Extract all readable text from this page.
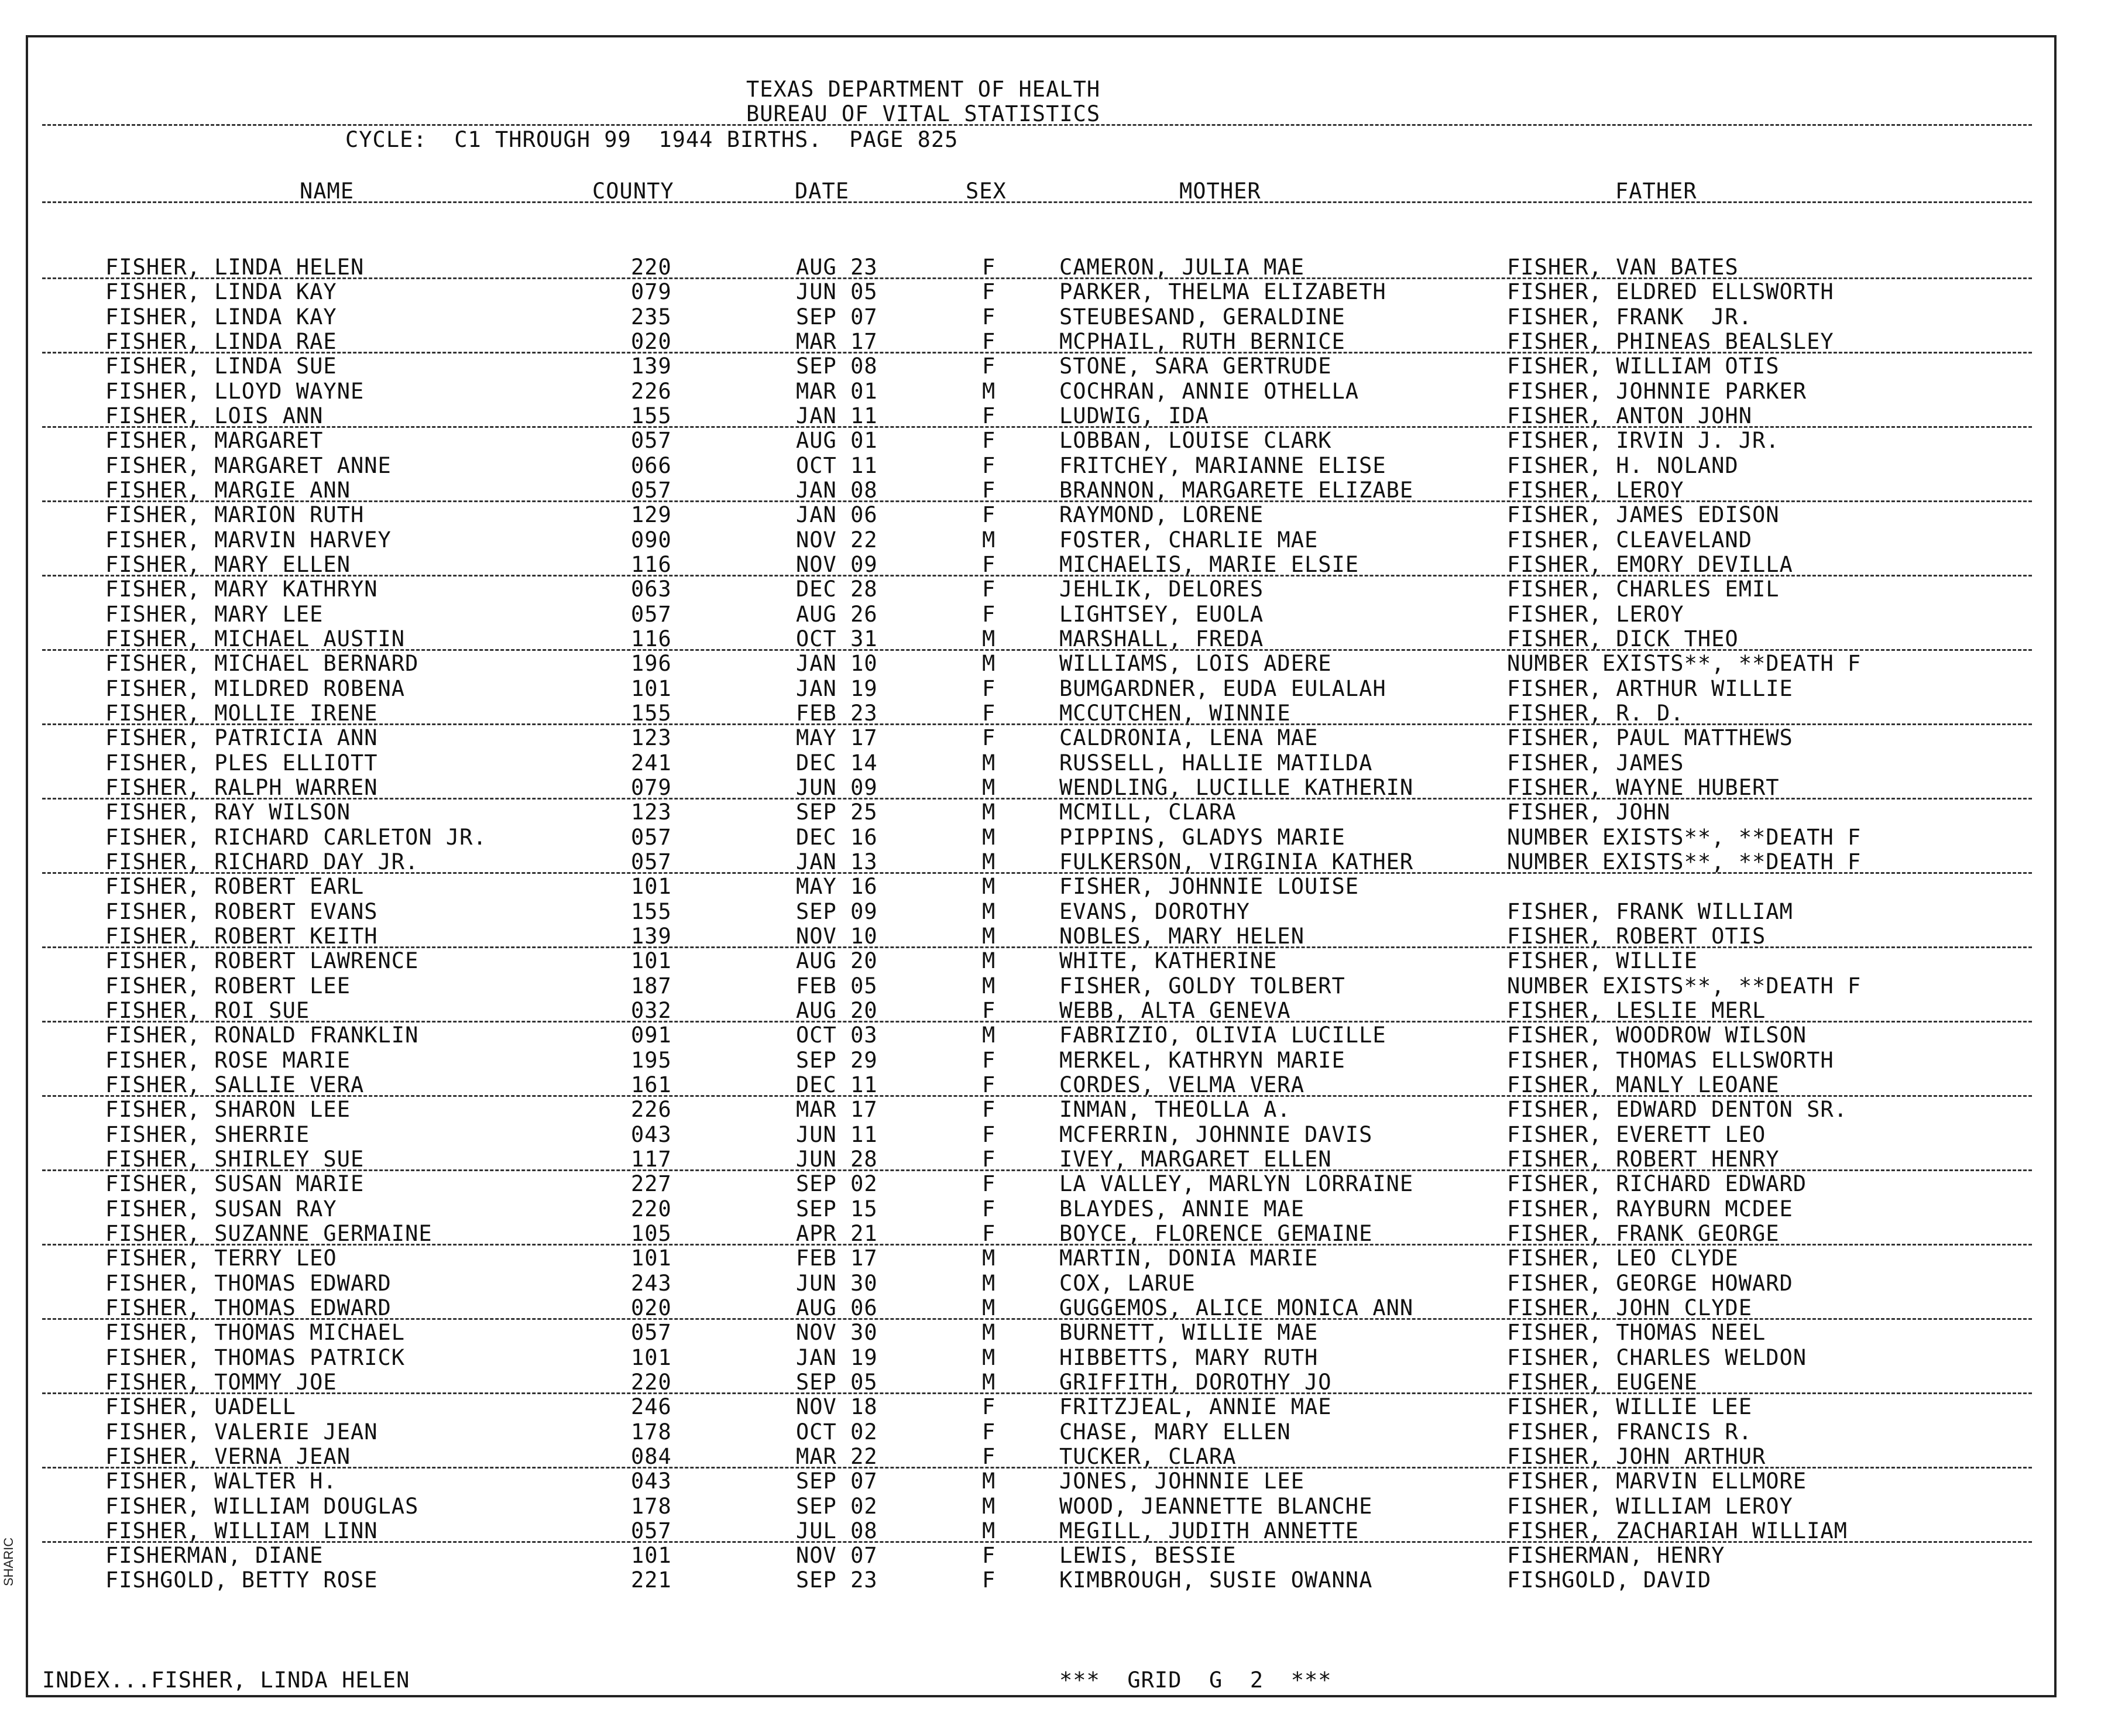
SHARIC
TEXAS DEPARTMENT OF HEALTH
BUREAU OF VITAL STATISTICS
CYCLE:  C1 THROUGH 99  1944 BIRTHS.  PAGE 825
NAME	COUNTY	DATE	SEX	MOTHER	FATHER
FISHER, LINDA HELEN	220	AUG 23	F	CAMERON, JULIA MAE	FISHER, VAN BATES
FISHER, LINDA KAY	079	JUN 05	F	PARKER, THELMA ELIZABETH	FISHER, ELDRED ELLSWORTH
FISHER, LINDA KAY	235	SEP 07	F	STEUBESAND, GERALDINE	FISHER, FRANK  JR.
FISHER, LINDA RAE	020	MAR 17	F	MCPHAIL, RUTH BERNICE	FISHER, PHINEAS BEALSLEY
FISHER, LINDA SUE	139	SEP 08	F	STONE, SARA GERTRUDE	FISHER, WILLIAM OTIS
FISHER, LLOYD WAYNE	226	MAR 01	M	COCHRAN, ANNIE OTHELLA	FISHER, JOHNNIE PARKER
FISHER, LOIS ANN	155	JAN 11	F	LUDWIG, IDA	FISHER, ANTON JOHN
FISHER, MARGARET	057	AUG 01	F	LOBBAN, LOUISE CLARK	FISHER, IRVIN J. JR.
FISHER, MARGARET ANNE	066	OCT 11	F	FRITCHEY, MARIANNE ELISE	FISHER, H. NOLAND
FISHER, MARGIE ANN	057	JAN 08	F	BRANNON, MARGARETE ELIZABE	FISHER, LEROY
FISHER, MARION RUTH	129	JAN 06	F	RAYMOND, LORENE	FISHER, JAMES EDISON
FISHER, MARVIN HARVEY	090	NOV 22	M	FOSTER, CHARLIE MAE	FISHER, CLEAVELAND
FISHER, MARY ELLEN	116	NOV 09	F	MICHAELIS, MARIE ELSIE	FISHER, EMORY DEVILLA
FISHER, MARY KATHRYN	063	DEC 28	F	JEHLIK, DELORES	FISHER, CHARLES EMIL
FISHER, MARY LEE	057	AUG 26	F	LIGHTSEY, EUOLA	FISHER, LEROY
FISHER, MICHAEL AUSTIN	116	OCT 31	M	MARSHALL, FREDA	FISHER, DICK THEO
FISHER, MICHAEL BERNARD	196	JAN 10	M	WILLIAMS, LOIS ADERE	NUMBER EXISTS**, **DEATH F
FISHER, MILDRED ROBENA	101	JAN 19	F	BUMGARDNER, EUDA EULALAH	FISHER, ARTHUR WILLIE
FISHER, MOLLIE IRENE	155	FEB 23	F	MCCUTCHEN, WINNIE	FISHER, R. D.
FISHER, PATRICIA ANN	123	MAY 17	F	CALDRONIA, LENA MAE	FISHER, PAUL MATTHEWS
FISHER, PLES ELLIOTT	241	DEC 14	M	RUSSELL, HALLIE MATILDA	FISHER, JAMES
FISHER, RALPH WARREN	079	JUN 09	M	WENDLING, LUCILLE KATHERIN	FISHER, WAYNE HUBERT
FISHER, RAY WILSON	123	SEP 25	M	MCMILL, CLARA	FISHER, JOHN
FISHER, RICHARD CARLETON JR.	057	DEC 16	M	PIPPINS, GLADYS MARIE	NUMBER EXISTS**, **DEATH F
FISHER, RICHARD DAY JR.	057	JAN 13	M	FULKERSON, VIRGINIA KATHER	NUMBER EXISTS**, **DEATH F
FISHER, ROBERT EARL	101	MAY 16	M	FISHER, JOHNNIE LOUISE
FISHER, ROBERT EVANS	155	SEP 09	M	EVANS, DOROTHY	FISHER, FRANK WILLIAM
FISHER, ROBERT KEITH	139	NOV 10	M	NOBLES, MARY HELEN	FISHER, ROBERT OTIS
FISHER, ROBERT LAWRENCE	101	AUG 20	M	WHITE, KATHERINE	FISHER, WILLIE
FISHER, ROBERT LEE	187	FEB 05	M	FISHER, GOLDY TOLBERT	NUMBER EXISTS**, **DEATH F
FISHER, ROI SUE	032	AUG 20	F	WEBB, ALTA GENEVA	FISHER, LESLIE MERL
FISHER, RONALD FRANKLIN	091	OCT 03	M	FABRIZIO, OLIVIA LUCILLE	FISHER, WOODROW WILSON
FISHER, ROSE MARIE	195	SEP 29	F	MERKEL, KATHRYN MARIE	FISHER, THOMAS ELLSWORTH
FISHER, SALLIE VERA	161	DEC 11	F	CORDES, VELMA VERA	FISHER, MANLY LEOANE
FISHER, SHARON LEE	226	MAR 17	F	INMAN, THEOLLA A.	FISHER, EDWARD DENTON SR.
FISHER, SHERRIE	043	JUN 11	F	MCFERRIN, JOHNNIE DAVIS	FISHER, EVERETT LEO
FISHER, SHIRLEY SUE	117	JUN 28	F	IVEY, MARGARET ELLEN	FISHER, ROBERT HENRY
FISHER, SUSAN MARIE	227	SEP 02	F	LA VALLEY, MARLYN LORRAINE	FISHER, RICHARD EDWARD
FISHER, SUSAN RAY	220	SEP 15	F	BLAYDES, ANNIE MAE	FISHER, RAYBURN MCDEE
FISHER, SUZANNE GERMAINE	105	APR 21	F	BOYCE, FLORENCE GEMAINE	FISHER, FRANK GEORGE
FISHER, TERRY LEO	101	FEB 17	M	MARTIN, DONIA MARIE	FISHER, LEO CLYDE
FISHER, THOMAS EDWARD	243	JUN 30	M	COX, LARUE	FISHER, GEORGE HOWARD
FISHER, THOMAS EDWARD	020	AUG 06	M	GUGGEMOS, ALICE MONICA ANN	FISHER, JOHN CLYDE
FISHER, THOMAS MICHAEL	057	NOV 30	M	BURNETT, WILLIE MAE	FISHER, THOMAS NEEL
FISHER, THOMAS PATRICK	101	JAN 19	M	HIBBETTS, MARY RUTH	FISHER, CHARLES WELDON
FISHER, TOMMY JOE	220	SEP 05	M	GRIFFITH, DOROTHY JO	FISHER, EUGENE
FISHER, UADELL	246	NOV 18	F	FRITZJEAL, ANNIE MAE	FISHER, WILLIE LEE
FISHER, VALERIE JEAN	178	OCT 02	F	CHASE, MARY ELLEN	FISHER, FRANCIS R.
FISHER, VERNA JEAN	084	MAR 22	F	TUCKER, CLARA	FISHER, JOHN ARTHUR
FISHER, WALTER H.	043	SEP 07	M	JONES, JOHNNIE LEE	FISHER, MARVIN ELLMORE
FISHER, WILLIAM DOUGLAS	178	SEP 02	M	WOOD, JEANNETTE BLANCHE	FISHER, WILLIAM LEROY
FISHER, WILLIAM LINN	057	JUL 08	M	MEGILL, JUDITH ANNETTE	FISHER, ZACHARIAH WILLIAM
FISHERMAN, DIANE	101	NOV 07	F	LEWIS, BESSIE	FISHERMAN, HENRY
FISHGOLD, BETTY ROSE	221	SEP 23	F	KIMBROUGH, SUSIE OWANNA	FISHGOLD, DAVID
INDEX...FISHER, LINDA HELEN	***  GRID  G  2  ***
